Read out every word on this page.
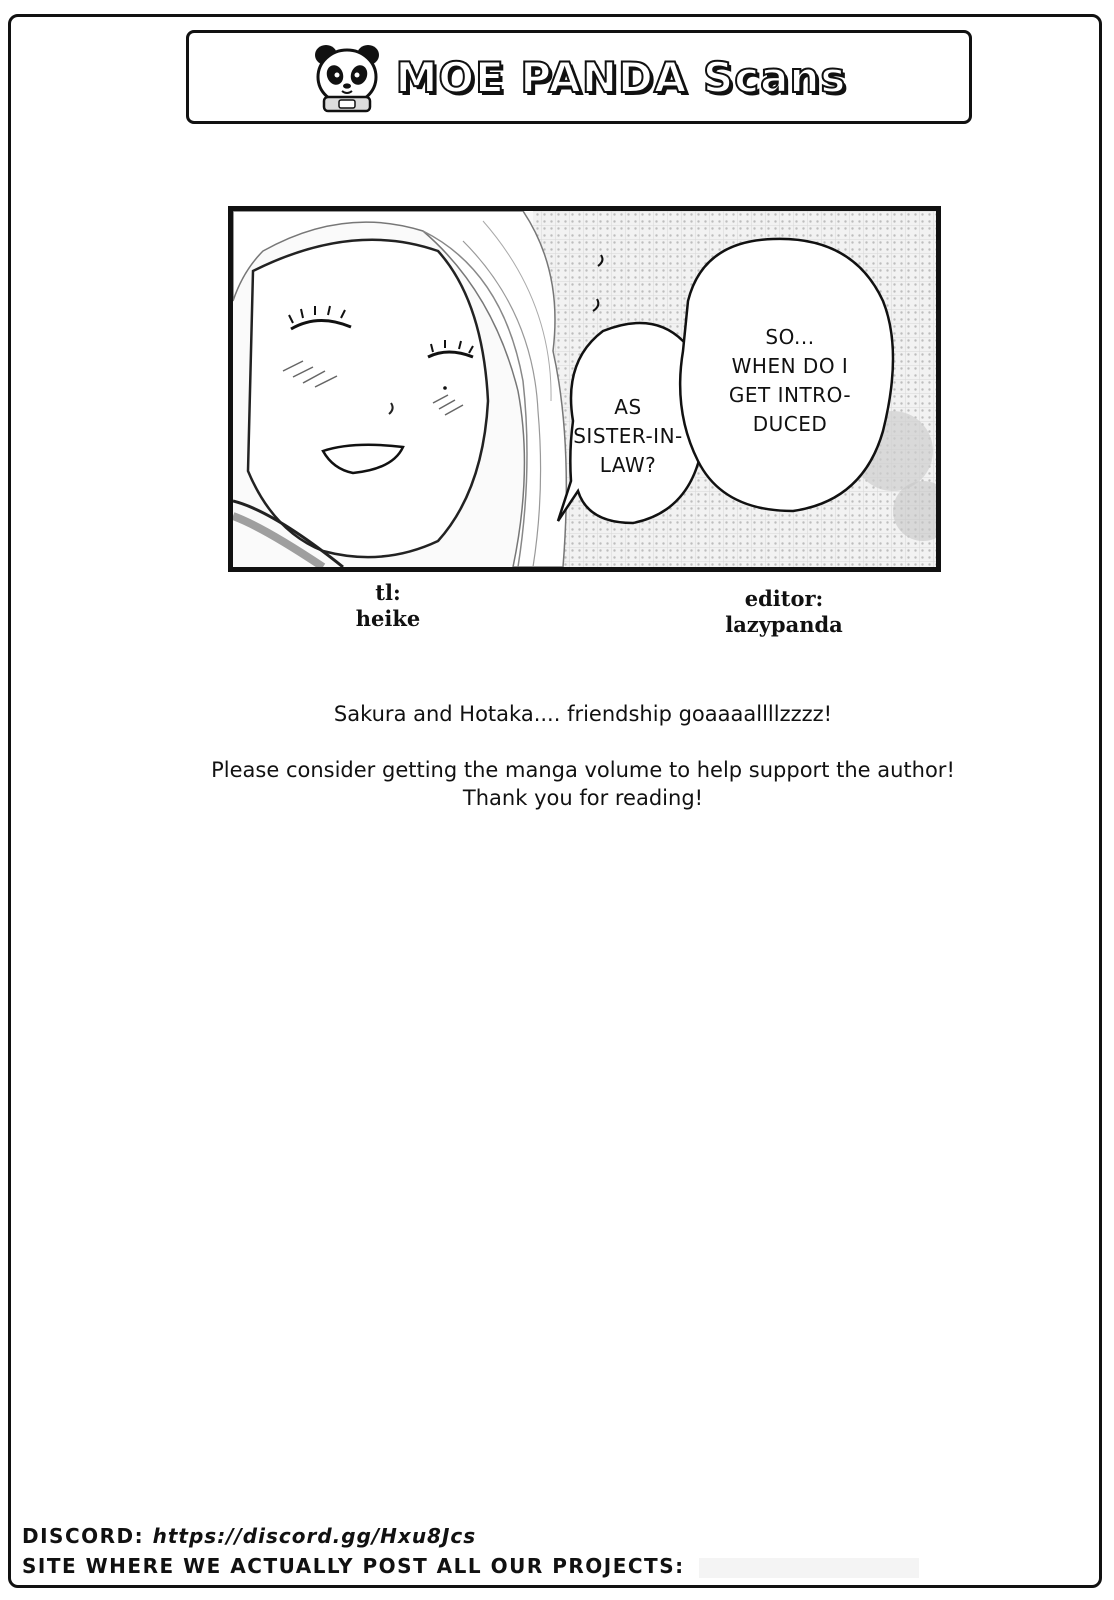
MOE PANDA Scans
SO...
WHEN DO I
GET INTRO-
DUCED
AS
SISTER-IN-
LAW?
tl:
heike
editor:
lazypanda
Sakura and Hotaka.... friendship goaaaallllzzzz!
Please consider getting the manga volume to help support the author!
Thank you for reading!
DISCORD: https://discord.gg/Hxu8Jcs
SITE WHERE WE ACTUALLY POST ALL OUR PROJECTS:
